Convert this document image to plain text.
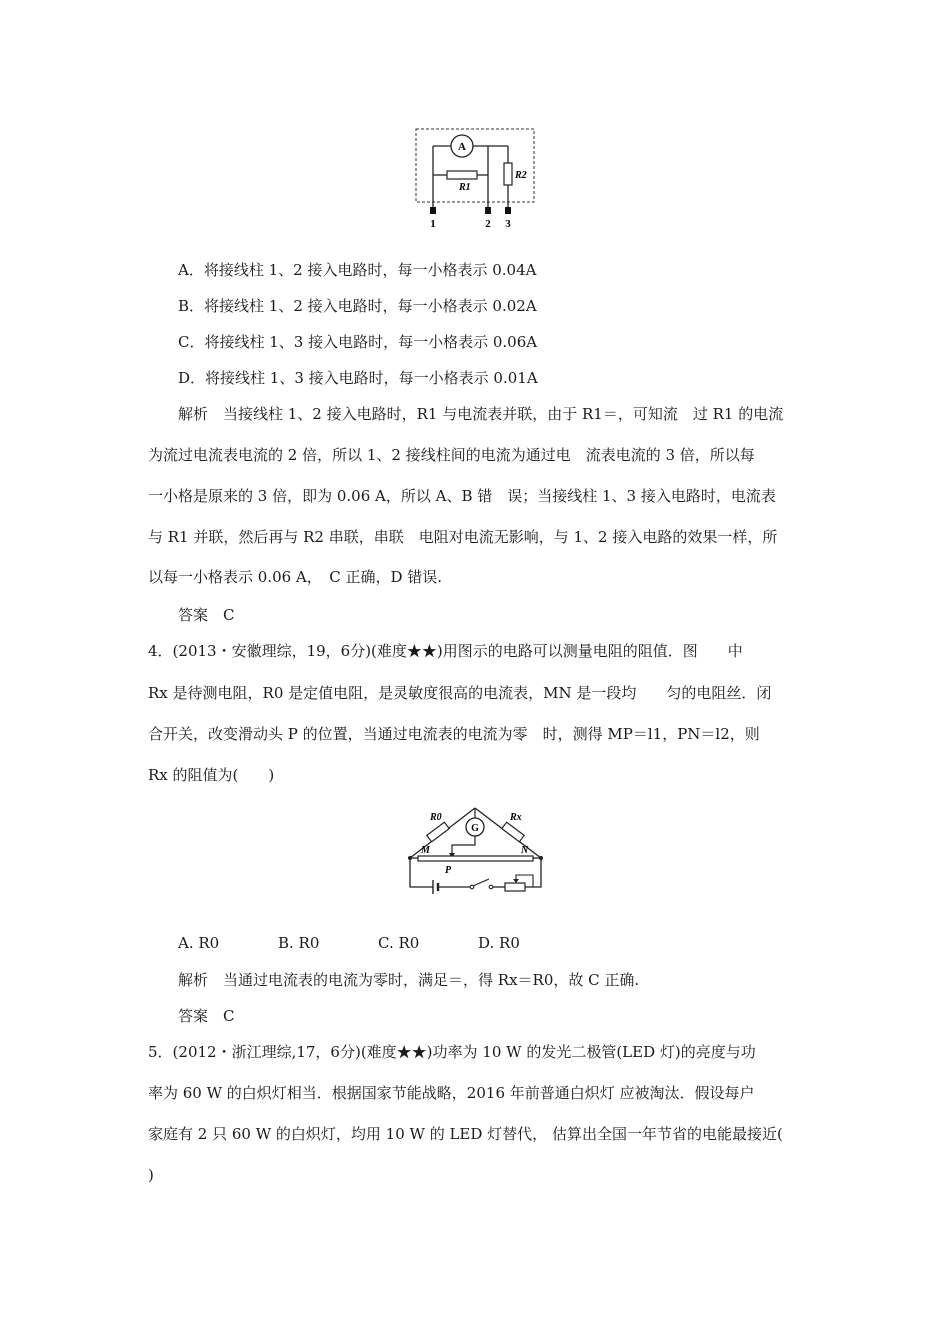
A
R1
R2
1	2 3
A．将接线柱 1、2 接入电路时，每一小格表示 0.04A
B．将接线柱 1、2 接入电路时，每一小格表示 0.02A
C．将接线柱 1、3 接入电路时，每一小格表示 0.06A
D．将接线柱 1、3 接入电路时，每一小格表示 0.01A
解析　当接线柱 1、2 接入电路时，R1 与电流表并联，由于 R1＝，可知流　过 R1 的电流
为流过电流表电流的 2 倍，所以 1、2 接线柱间的电流为通过电　流表电流的 3 倍，所以每
一小格是原来的 3 倍，即为 0.06 A，所以 A、B 错　误；当接线柱 1、3 接入电路时，电流表
与 R1 并联，然后再与 R2 串联，串联　电阻对电流无影响，与 1、2 接入电路的效果一样，所
以每一小格表示 0.06 A，　C 正确，D 错误.
答案　C
4．(2013・安徽理综，19，6分)(难度★★)用图示的电路可以测量电阻的阻值．图　　中
Rx 是待测电阻，R0 是定值电阻，是灵敏度很高的电流表，MN 是一段均　　匀的电阻丝．闭
合开关，改变滑动头 P 的位置，当通过电流表的电流为零　时，测得 MP＝l1，PN＝l2，则
Rx 的阻值为(　　)
R0	Rx
G
M	N
P
A. R0	B. R0	C. R0	D. R0
解析　当通过电流表的电流为零时，满足＝，得 Rx＝R0，故 C 正确.
答案　C
5．(2012・浙江理综,17，6分)(难度★★)功率为 10 W 的发光二极管(LED 灯)的亮度与功
率为 60 W 的白炽灯相当．根据国家节能战略，2016 年前普通白炽灯 应被淘汰．假设每户
家庭有 2 只 60 W 的白炽灯，均用 10 W 的 LED 灯替代， 估算出全国一年节省的电能最接近(
)
